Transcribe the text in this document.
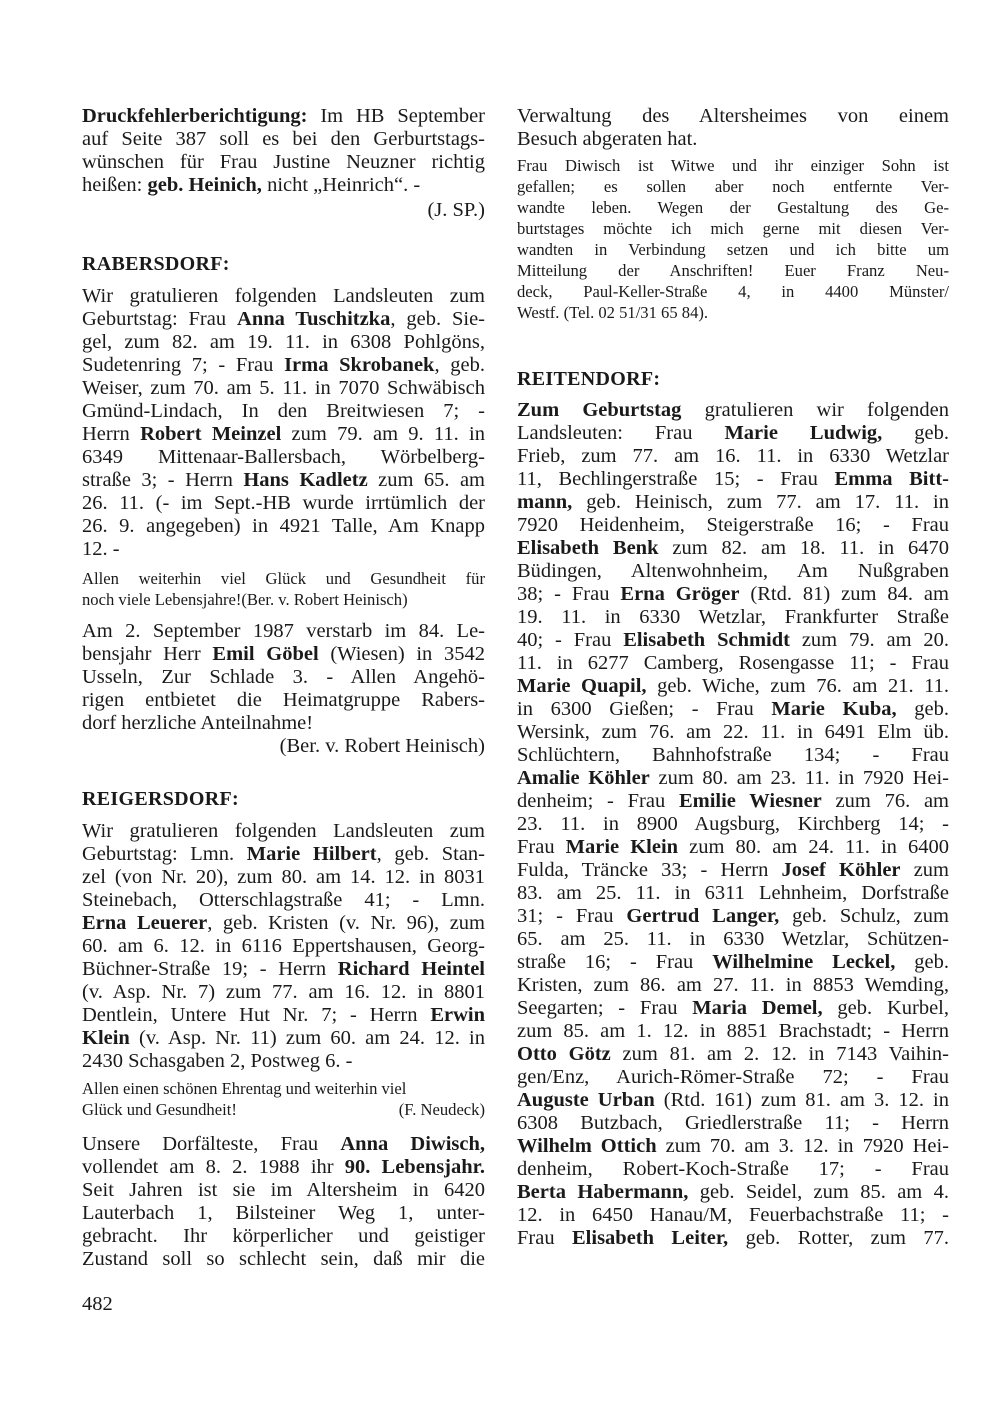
Druckfehlerberichtigung: Im HB September
auf Seite 387 soll es bei den Gerburtstags-
wünschen für Frau Justine Neuzner richtig
heißen: geb. Heinich, nicht „Heinrich“. -
(J. SP.)
RABERSDORF:
Wir gratulieren folgenden Landsleuten zum
Geburtstag: Frau Anna Tuschitzka, geb. Sie-
gel, zum 82. am 19. 11. in 6308 Pohlgöns,
Sudetenring 7; - Frau Irma Skrobanek, geb.
Weiser, zum 70. am 5. 11. in 7070 Schwäbisch
Gmünd-Lindach, In den Breitwiesen 7; -
Herrn Robert Meinzel zum 79. am 9. 11. in
6349 Mittenaar-Ballersbach, Wörbelberg-
straße 3; - Herrn Hans Kadletz zum 65. am
26. 11. (- im Sept.-HB wurde irrtümlich der
26. 9. angegeben) in 4921 Talle, Am Knapp
12. -
Allen weiterhin viel Glück und Gesundheit für
noch viele Lebensjahre!(Ber. v. Robert Heinisch)
Am 2. September 1987 verstarb im 84. Le-
bensjahr Herr Emil Göbel (Wiesen) in 3542
Usseln, Zur Schlade 3. - Allen Angehö-
rigen entbietet die Heimatgruppe Rabers-
dorf herzliche Anteilnahme!
(Ber. v. Robert Heinisch)
REIGERSDORF:
Wir gratulieren folgenden Landsleuten zum
Geburtstag: Lmn. Marie Hilbert, geb. Stan-
zel (von Nr. 20), zum 80. am 14. 12. in 8031
Steinebach, Otterschlagstraße 41; - Lmn.
Erna Leuerer, geb. Kristen (v. Nr. 96), zum
60. am 6. 12. in 6116 Eppertshausen, Georg-
Büchner-Straße 19; - Herrn Richard Heintel
(v. Asp. Nr. 7) zum 77. am 16. 12. in 8801
Dentlein, Untere Hut Nr. 7; - Herrn Erwin
Klein (v. Asp. Nr. 11) zum 60. am 24. 12. in
2430 Schasgaben 2, Postweg 6. -
Allen einen schönen Ehrentag und weiterhin viel
Glück und Gesundheit!	(F. Neudeck)
Unsere Dorfälteste, Frau Anna Diwisch,
vollendet am 8. 2. 1988 ihr 90. Lebensjahr.
Seit Jahren ist sie im Altersheim in 6420
Lauterbach 1, Bilsteiner Weg 1, unter-
gebracht. Ihr körperlicher und geistiger
Zustand soll so schlecht sein, daß mir die
Verwaltung des Altersheimes von einem
Besuch abgeraten hat.
Frau Diwisch ist Witwe und ihr einziger Sohn ist
gefallen; es sollen aber noch entfernte Ver-
wandte leben. Wegen der Gestaltung des Ge-
burtstages möchte ich mich gerne mit diesen Ver-
wandten in Verbindung setzen und ich bitte um
Mitteilung der Anschriften! Euer Franz Neu-
deck, Paul-Keller-Straße 4, in 4400 Münster/
Westf. (Tel. 02 51/31 65 84).
REITENDORF:
Zum Geburtstag gratulieren wir folgenden
Landsleuten: Frau Marie Ludwig, geb.
Frieb, zum 77. am 16. 11. in 6330 Wetzlar
11, Bechlingerstraße 15; - Frau Emma Bitt-
mann, geb. Heinisch, zum 77. am 17. 11. in
7920 Heidenheim, Steigerstraße 16; - Frau
Elisabeth Benk zum 82. am 18. 11. in 6470
Büdingen, Altenwohnheim, Am Nußgraben
38; - Frau Erna Gröger (Rtd. 81) zum 84. am
19. 11. in 6330 Wetzlar, Frankfurter Straße
40; - Frau Elisabeth Schmidt zum 79. am 20.
11. in 6277 Camberg, Rosengasse 11; - Frau
Marie Quapil, geb. Wiche, zum 76. am 21. 11.
in 6300 Gießen; - Frau Marie Kuba, geb.
Wersink, zum 76. am 22. 11. in 6491 Elm üb.
Schlüchtern, Bahnhofstraße 134; - Frau
Amalie Köhler zum 80. am 23. 11. in 7920 Hei-
denheim; - Frau Emilie Wiesner zum 76. am
23. 11. in 8900 Augsburg, Kirchberg 14; -
Frau Marie Klein zum 80. am 24. 11. in 6400
Fulda, Tränckе 33; - Herrn Josef Köhler zum
83. am 25. 11. in 6311 Lehnheim, Dorfstraße
31; - Frau Gertrud Langer, geb. Schulz, zum
65. am 25. 11. in 6330 Wetzlar, Schützen-
straße 16; - Frau Wilhelmine Leckel, geb.
Kristen, zum 86. am 27. 11. in 8853 Wemding,
Seegarten; - Frau Maria Demel, geb. Kurbel,
zum 85. am 1. 12. in 8851 Brachstadt; - Herrn
Otto Götz zum 81. am 2. 12. in 7143 Vaihin-
gen/Enz, Aurich-Römer-Straße 72; - Frau
Auguste Urban (Rtd. 161) zum 81. am 3. 12. in
6308 Butzbach, Griedlerstraße 11; - Herrn
Wilhelm Ottich zum 70. am 3. 12. in 7920 Hei-
denheim, Robert-Koch-Straße 17; - Frau
Berta Habermann, geb. Seidel, zum 85. am 4.
12. in 6450 Hanau/M, Feuerbachstraße 11; -
Frau Elisabeth Leiter, geb. Rotter, zum 77.
482
